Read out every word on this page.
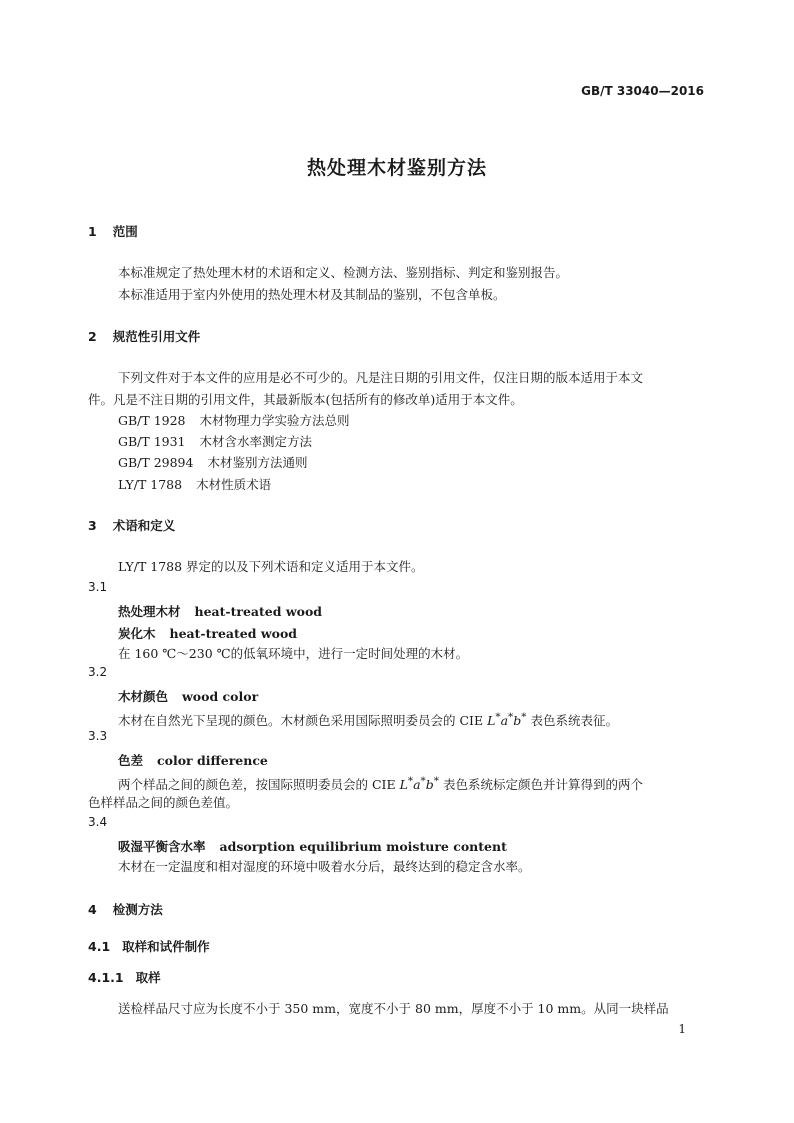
GB/T 33040—2016
热处理木材鉴别方法
1 范围
本标准规定了热处理木材的术语和定义、检测方法、鉴别指标、判定和鉴别报告。
本标准适用于室内外使用的热处理木材及其制品的鉴别，不包含单板。
2 规范性引用文件
下列文件对于本文件的应用是必不可少的。凡是注日期的引用文件，仅注日期的版本适用于本文
件。凡是不注日期的引用文件，其最新版本(包括所有的修改单)适用于本文件。
GB/T 1928 木材物理力学实验方法总则
GB/T 1931 木材含水率测定方法
GB/T 29894 木材鉴别方法通则
LY/T 1788 木材性质术语
3 术语和定义
LY/T 1788 界定的以及下列术语和定义适用于本文件。
3.1
热处理木材 heat-treated wood
炭化木 heat-treated wood
在 160 ℃～230 ℃的低氧环境中，进行一定时间处理的木材。
3.2
木材颜色 wood color
木材在自然光下呈现的颜色。木材颜色采用国际照明委员会的 CIE L*a*b* 表色系统表征。
3.3
色差 color difference
两个样品之间的颜色差，按国际照明委员会的 CIE L*a*b* 表色系统标定颜色并计算得到的两个
色样样品之间的颜色差值。
3.4
吸湿平衡含水率 adsorption equilibrium moisture content
木材在一定温度和相对湿度的环境中吸着水分后，最终达到的稳定含水率。
4 检测方法
4.1 取样和试件制作
4.1.1 取样
送检样品尺寸应为长度不小于 350 mm，宽度不小于 80 mm，厚度不小于 10 mm。从同一块样品
1
